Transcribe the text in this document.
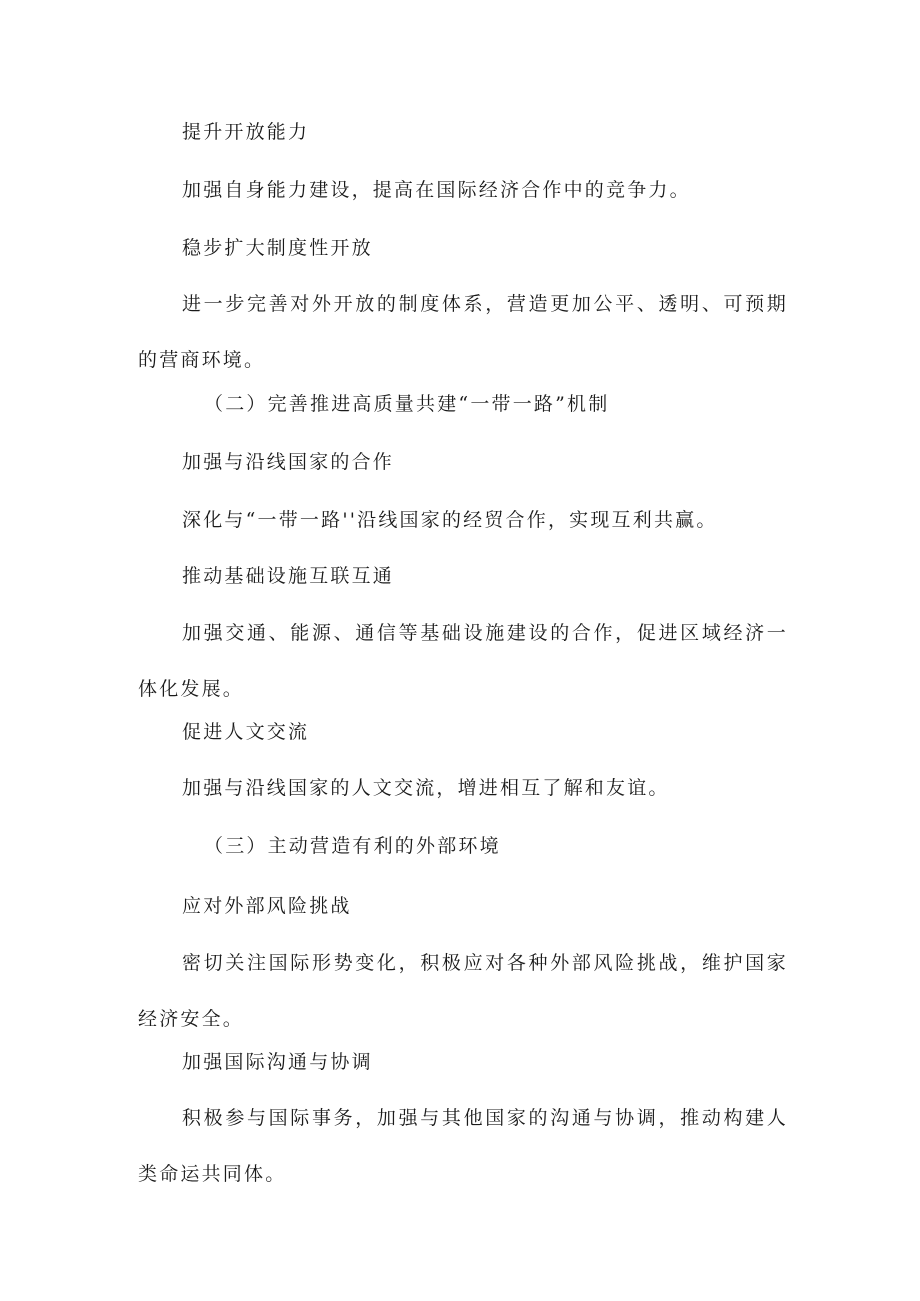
提升开放能力
加强自身能力建设，提高在国际经济合作中的竞争力。
稳步扩大制度性开放
进一步完善对外开放的制度体系，营造更加公平、透明、可预期的营商环境。
（二）完善推进高质量共建“一带一路”机制
加强与沿线国家的合作
深化与“一带一路''沿线国家的经贸合作，实现互利共赢。
推动基础设施互联互通
加强交通、能源、通信等基础设施建设的合作，促进区域经济一体化发展。
促进人文交流
加强与沿线国家的人文交流，增进相互了解和友谊。
（三）主动营造有利的外部环境
应对外部风险挑战
密切关注国际形势变化，积极应对各种外部风险挑战，维护国家经济安全。
加强国际沟通与协调
积极参与国际事务，加强与其他国家的沟通与协调，推动构建人类命运共同体。
